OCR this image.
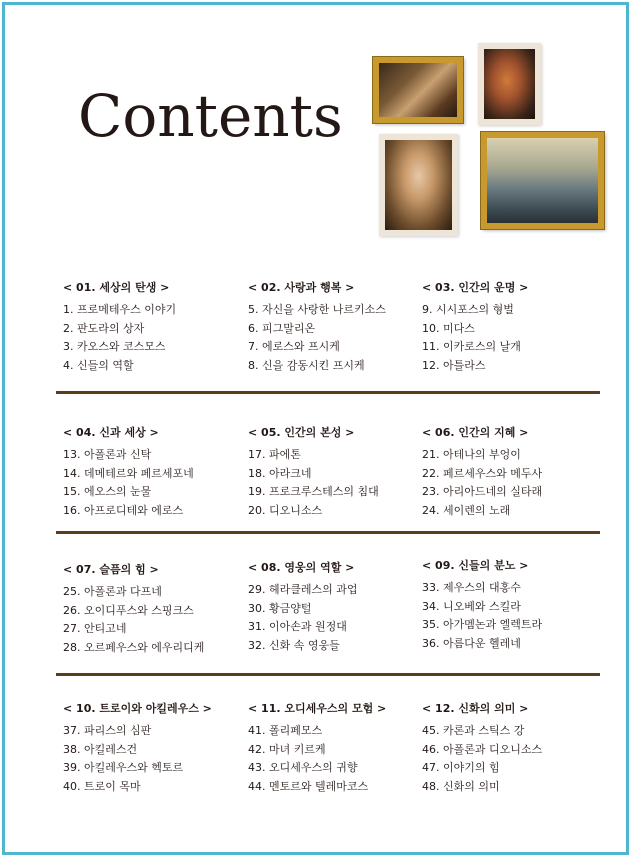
Contents
< 01. 세상의 탄생 >
1. 프로메테우스 이야기
2. 판도라의 상자
3. 카오스와 코스모스
4. 신들의 역할
< 02. 사랑과 행복 >
5. 자신을 사랑한 나르키소스
6. 피그말리온
7. 에로스와 프시케
8. 신을 감동시킨 프시케
< 03. 인간의 운명 >
9. 시시포스의 형벌
10. 미다스
11. 이카로스의 날개
12. 아틀라스
< 04. 신과 세상 >
13. 아폴론과 신탁
14. 데메테르와 페르세포네
15. 에오스의 눈물
16. 아프로디테와 에로스
< 05. 인간의 본성 >
17. 파에톤
18. 아라크네
19. 프로크루스테스의 침대
20. 디오니소스
< 06. 인간의 지혜 >
21. 아테나의 부엉이
22. 페르세우스와 메두사
23. 아리아드네의 실타래
24. 세이렌의 노래
< 07. 슬픔의 힘 >
25. 아폴론과 다프네
26. 오이디푸스와 스핑크스
27. 안티고네
28. 오르페우스와 에우리디케
< 08. 영웅의 역할 >
29. 헤라클레스의 과업
30. 황금양털
31. 이아손과 원정대
32. 신화 속 영웅들
< 09. 신들의 분노 >
33. 제우스의 대홍수
34. 니오베와 스킬라
35. 아가멤논과 엘렉트라
36. 아름다운 헬레네
< 10. 트로이와 아킬레우스 >
37. 파리스의 심판
38. 아킬레스건
39. 아킬레우스와 헥토르
40. 트로이 목마
< 11. 오디세우스의 모험 >
41. 폴리페모스
42. 마녀 키르케
43. 오디세우스의 귀향
44. 멘토르와 텔레마코스
< 12. 신화의 의미 >
45. 카론과 스틱스 강
46. 아폴론과 디오니소스
47. 이야기의 힘
48. 신화의 의미
